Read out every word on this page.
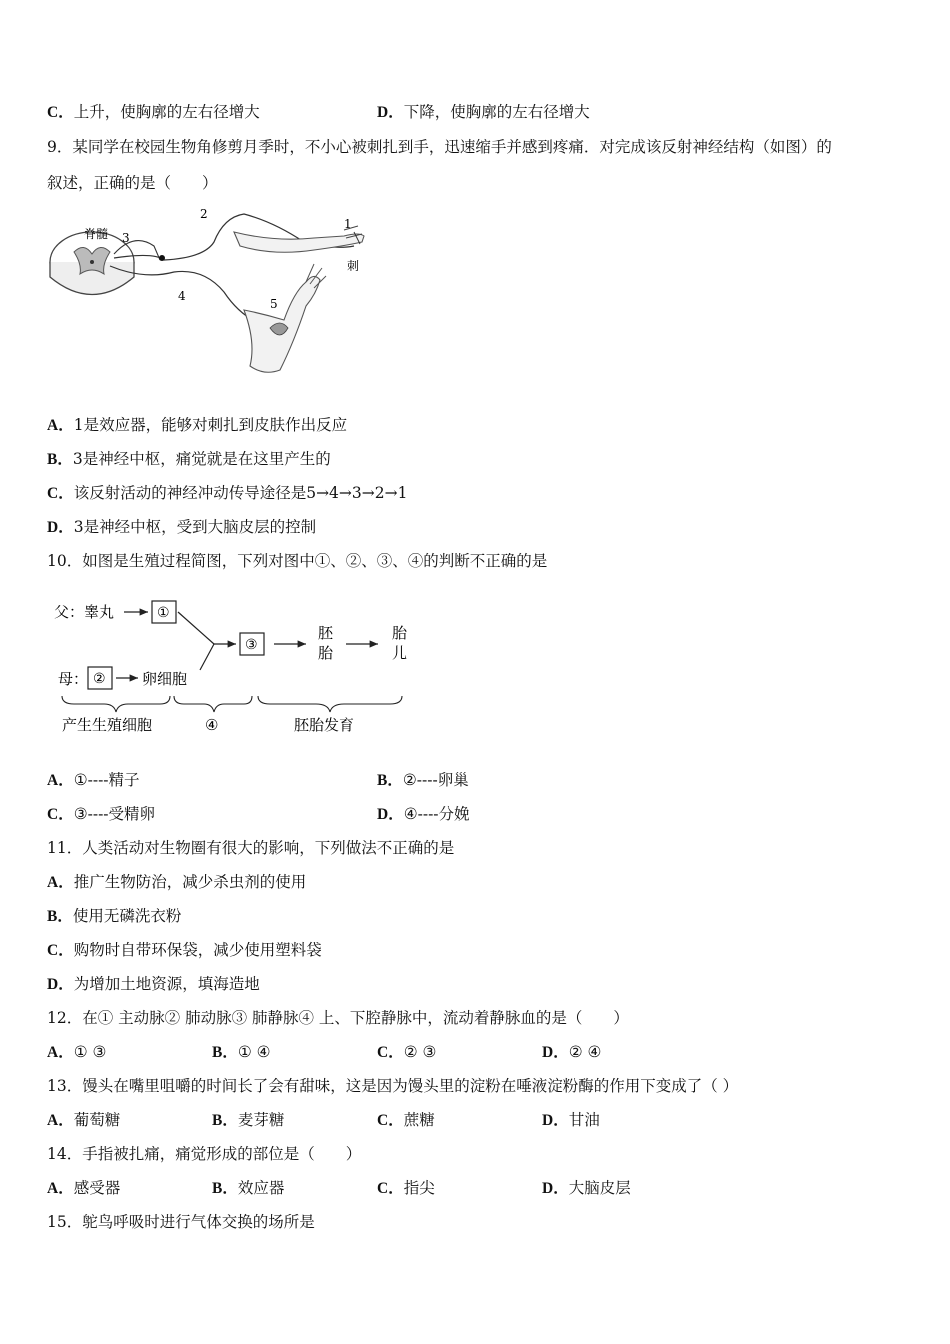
C．上升，使胸廓的左右径增大	D．下降，使胸廓的左右径增大
9．某同学在校园生物角修剪月季时，不小心被刺扎到手，迅速缩手并感到疼痛．对完成该反射神经结构（如图）的
叙述，正确的是（　　）
脊髓 3
2
4
1
刺
5
A．1是效应器，能够对刺扎到皮肤作出反应
B．3是神经中枢，痛觉就是在这里产生的
C．该反射活动的神经冲动传导途径是5→4→3→2→1
D．3是神经中枢，受到大脑皮层的控制
10．如图是生殖过程简图，下列对图中①、②、③、④的判断不正确的是
父：睾丸	①
母： ② 卵细胞
③
胚
胎
胎
儿
产生生殖细胞	④	胚胎发育
A．①----精子	B．②----卵巢
C．③----受精卵	D．④----分娩
11．人类活动对生物圈有很大的影响，下列做法不正确的是
A．推广生物防治，减少杀虫剂的使用
B．使用无磷洗衣粉
C．购物时自带环保袋，减少使用塑料袋
D．为增加土地资源，填海造地
12．在① 主动脉② 肺动脉③ 肺静脉④ 上、下腔静脉中，流动着静脉血的是（　　）
A．① ③	B．① ④	C．② ③	D．② ④
13．馒头在嘴里咀嚼的时间长了会有甜味，这是因为馒头里的淀粉在唾液淀粉酶的作用下变成了（ ）
A．葡萄糖	B．麦芽糖	C．蔗糖	D．甘油
14．手指被扎痛，痛觉形成的部位是（　　）
A．感受器	B．效应器	C．指尖	D．大脑皮层
15．鸵鸟呼吸时进行气体交换的场所是
